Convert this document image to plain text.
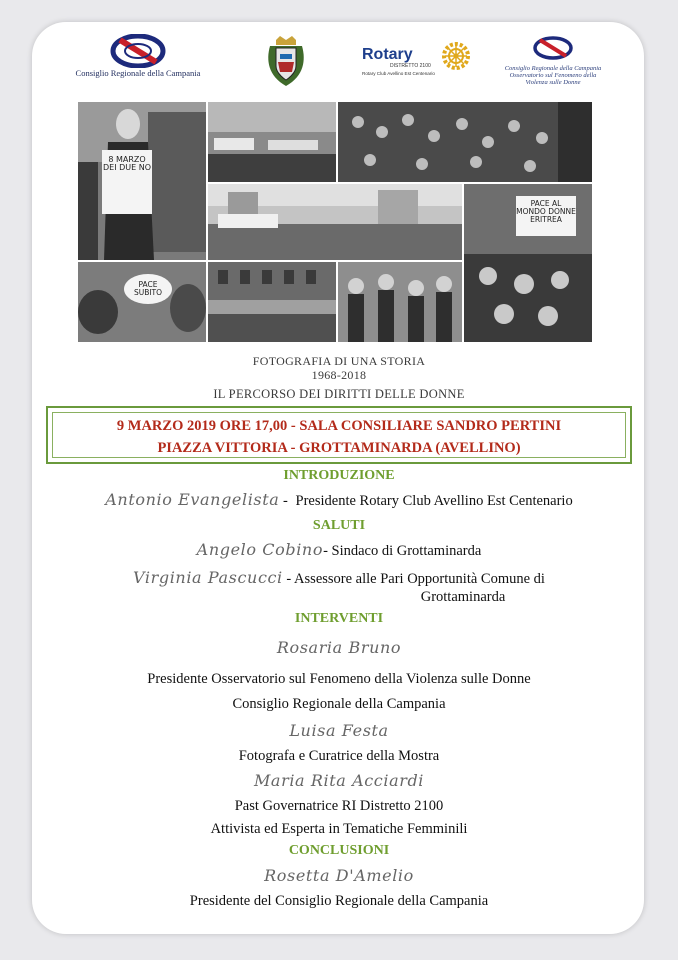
Consiglio Regionale della Campania
Rotary
DISTRETTO 2100
Rotary Club Avellino Est Centenario
Consiglio Regionale della Campania
Osservatorio sul Fenomeno della
Violenza sulle Donne
8 MARZO DEI DUE NO
PACE AL MONDO DONNE ERITREA
PACE SUBITO
FOTOGRAFIA DI UNA STORIA
1968-2018
IL PERCORSO DEI DIRITTI DELLE DONNE
9 MARZO 2019 ORE 17,00 - SALA CONSILIARE SANDRO PERTINI
PIAZZA VITTORIA - GROTTAMINARDA (AVELLINO)
INTRODUZIONE
Antonio Evangelista -  Presidente Rotary Club Avellino Est Centenario
SALUTI
Angelo Cobino- Sindaco di Grottaminarda
Virginia Pascucci - Assessore alle Pari Opportunità Comune di
Grottaminarda
INTERVENTI
Rosaria Bruno
Presidente Osservatorio sul Fenomeno della Violenza sulle Donne
Consiglio Regionale della Campania
Luisa Festa
Fotografa e Curatrice della Mostra
Maria Rita Acciardi
Past Governatrice RI Distretto 2100
Attivista ed Esperta in Tematiche Femminili
CONCLUSIONI
Rosetta D'Amelio
Presidente del Consiglio Regionale della Campania
